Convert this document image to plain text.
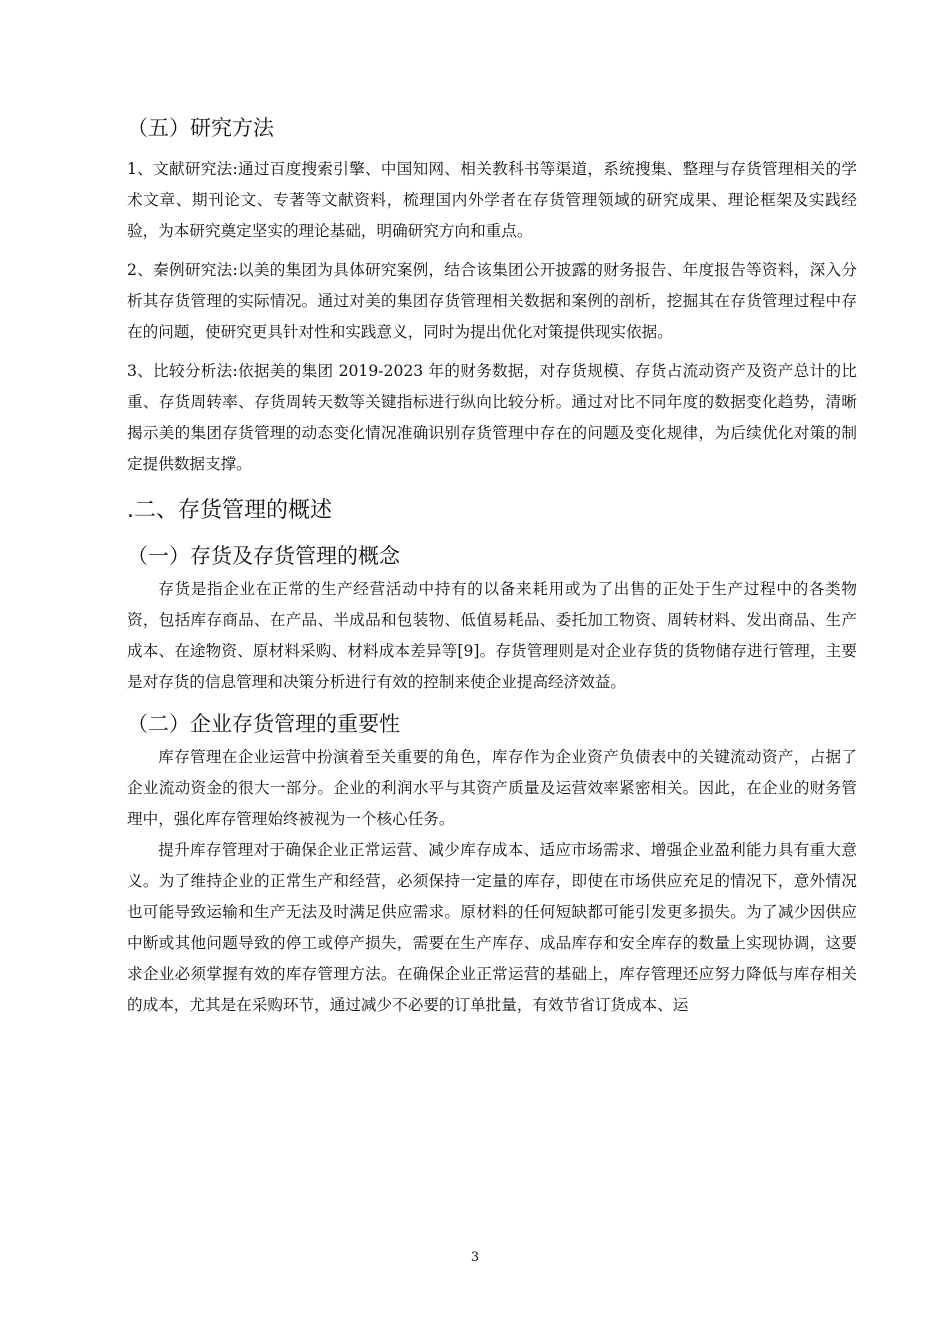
（五）研究方法

1、文献研究法:通过百度搜索引擎、中国知网、相关教科书等渠道，系统搜集、整理与存货管理相关的学术文章、期刊论文、专著等文献资料，梳理国内外学者在存货管理领域的研究成果、理论框架及实践经验，为本研究奠定坚实的理论基础，明确研究方向和重点。

2、秦例研究法:以美的集团为具体研究案例，结合该集团公开披露的财务报告、年度报告等资料，深入分析其存货管理的实际情况。通过对美的集团存货管理相关数据和案例的剖析，挖掘其在存货管理过程中存在的问题，使研究更具针对性和实践意义，同时为提出优化对策提供现实依据。

3、比较分析法:依据美的集团 2019-2023 年的财务数据，对存货规模、存货占流动资产及资产总计的比重、存货周转率、存货周转天数等关键指标进行纵向比较分析。通过对比不同年度的数据变化趋势，清晰揭示美的集团存货管理的动态变化情况准确识别存货管理中存在的问题及变化规律，为后续优化对策的制定提供数据支撑。

.二、存货管理的概述
（一）存货及存货管理的概念

存货是指企业在正常的生产经营活动中持有的以备来耗用或为了出售的正处于生产过程中的各类物资，包括库存商品、在产品、半成品和包装物、低值易耗品、委托加工物资、周转材料、发出商品、生产成本、在途物资、原材料采购、材料成本差异等[9]。存货管理则是对企业存货的货物储存进行管理，主要是对存货的信息管理和决策分析进行有效的控制来使企业提高经济效益。

（二）企业存货管理的重要性

库存管理在企业运营中扮演着至关重要的角色，库存作为企业资产负债表中的关键流动资产，占据了企业流动资金的很大一部分。企业的利润水平与其资产质量及运营效率紧密相关。因此，在企业的财务管理中，强化库存管理始终被视为一个核心任务。

提升库存管理对于确保企业正常运营、减少库存成本、适应市场需求、增强企业盈利能力具有重大意义。为了维持企业的正常生产和经营，必须保持一定量的库存，即使在市场供应充足的情况下，意外情况也可能导致运输和生产无法及时满足供应需求。原材料的任何短缺都可能引发更多损失。为了减少因供应中断或其他问题导致的停工或停产损失，需要在生产库存、成品库存和安全库存的数量上实现协调，这要求企业必须掌握有效的库存管理方法。在确保企业正常运营的基础上，库存管理还应努力降低与库存相关的成本，尤其是在采购环节，通过减少不必要的订单批量，有效节省订货成本、运

3
